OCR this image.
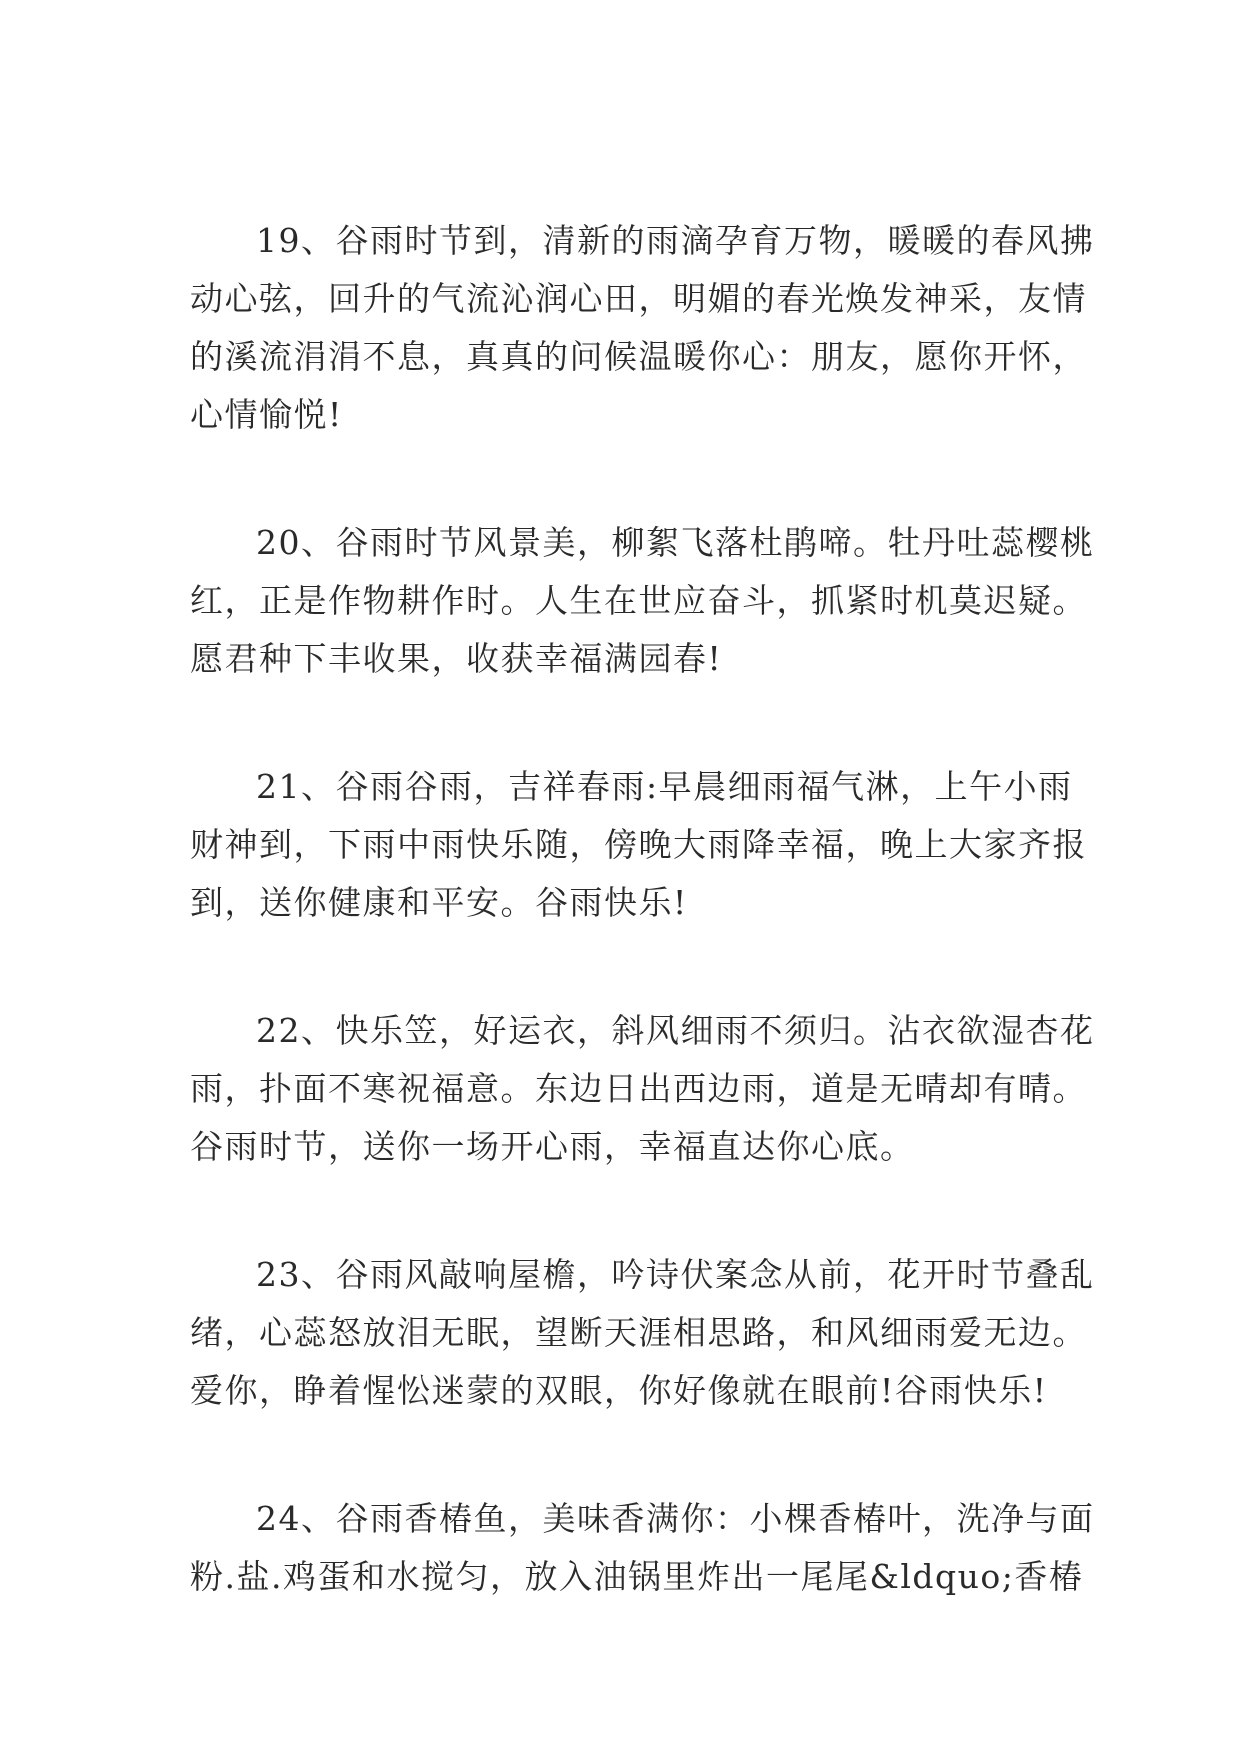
19、谷雨时节到，清新的雨滴孕育万物，暖暖的春风拂
动心弦，回升的气流沁润心田，明媚的春光焕发神采，友情
的溪流涓涓不息，真真的问候温暖你心：朋友，愿你开怀，
心情愉悦!
20、谷雨时节风景美，柳絮飞落杜鹃啼。牡丹吐蕊樱桃
红，正是作物耕作时。人生在世应奋斗，抓紧时机莫迟疑。
愿君种下丰收果，收获幸福满园春!
21、谷雨谷雨，吉祥春雨:早晨细雨福气淋，上午小雨
财神到，下雨中雨快乐随，傍晚大雨降幸福，晚上大家齐报
到，送你健康和平安。谷雨快乐!
22、快乐笠，好运衣，斜风细雨不须归。沾衣欲湿杏花
雨，扑面不寒祝福意。东边日出西边雨，道是无晴却有晴。
谷雨时节，送你一场开心雨，幸福直达你心底。
23、谷雨风敲响屋檐，吟诗伏案念从前，花开时节叠乱
绪，心蕊怒放泪无眠，望断天涯相思路，和风细雨爱无边。
爱你，睁着惺忪迷蒙的双眼，你好像就在眼前!谷雨快乐!
24、谷雨香椿鱼，美味香满你：小棵香椿叶，洗净与面
粉.盐.鸡蛋和水搅匀，放入油锅里炸出一尾尾&ldquo;香椿
